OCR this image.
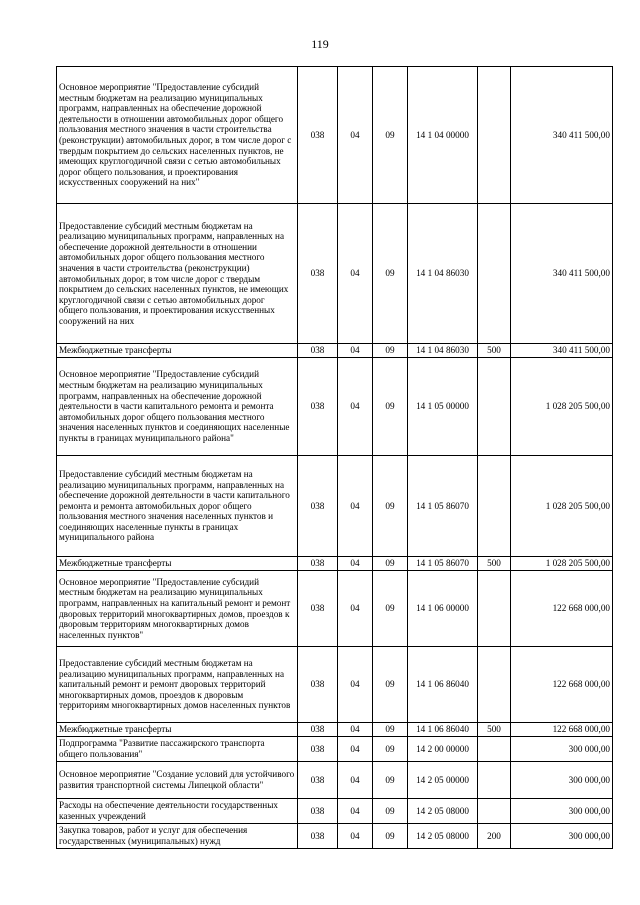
119
Основное мероприятие "Предоставление субсидий местным бюджетам на реализацию муниципальных программ, направленных на обеспечение дорожной деятельности в отношении автомобильных дорог общего пользования местного значения в части строительства (реконструкции) автомобильных дорог, в том числе дорог с твердым покрытием до сельских населенных пунктов, не имеющих круглогодичной связи с сетью автомобильных дорог общего пользования, и проектирования искусственных сооружений на них"	038	04	09	14 1 04 00000		340 411 500,00
Предоставление субсидий местным бюджетам на реализацию муниципальных программ, направленных на обеспечение дорожной деятельности в отношении автомобильных дорог общего пользования местного значения в части строительства (реконструкции) автомобильных дорог, в том числе дорог с твердым покрытием до сельских населенных пунктов, не имеющих круглогодичной связи с сетью автомобильных дорог общего пользования, и проектирования искусственных сооружений на них	038	04	09	14 1 04 86030		340 411 500,00
Межбюджетные трансферты	038	04	09	14 1 04 86030	500	340 411 500,00
Основное мероприятие "Предоставление субсидий местным бюджетам на реализацию муниципальных программ, направленных на обеспечение дорожной деятельности в части капитального ремонта и ремонта автомобильных дорог общего пользования местного значения населенных пунктов и соединяющих населенные пункты в границах муниципального района"	038	04	09	14 1 05 00000		1 028 205 500,00
Предоставление субсидий местным бюджетам на реализацию муниципальных программ, направленных на обеспечение дорожной деятельности в части капитального ремонта и ремонта автомобильных дорог общего пользования местного значения населенных пунктов и соединяющих населенные пункты в границах муниципального района	038	04	09	14 1 05 86070		1 028 205 500,00
Межбюджетные трансферты	038	04	09	14 1 05 86070	500	1 028 205 500,00
Основное мероприятие "Предоставление субсидий местным бюджетам на реализацию муниципальных программ, направленных на капитальный ремонт и ремонт дворовых территорий многоквартирных домов, проездов к дворовым территориям многоквартирных домов населенных пунктов"	038	04	09	14 1 06 00000		122 668 000,00
Предоставление субсидий местным бюджетам на реализацию муниципальных программ, направленных на капитальный ремонт и ремонт дворовых территорий многоквартирных домов, проездов к дворовым территориям многоквартирных домов населенных пунктов	038	04	09	14 1 06 86040		122 668 000,00
Межбюджетные трансферты	038	04	09	14 1 06 86040	500	122 668 000,00
Подпрограмма "Развитие пассажирского транспорта общего пользования"	038	04	09	14 2 00 00000		300 000,00
Основное мероприятие "Создание условий для устойчивого развития транспортной системы Липецкой области"	038	04	09	14 2 05 00000		300 000,00
Расходы на обеспечение деятельности государственных казенных учреждений	038	04	09	14 2 05 08000		300 000,00
Закупка товаров, работ и услуг для обеспечения государственных (муниципальных) нужд	038	04	09	14 2 05 08000	200	300 000,00
